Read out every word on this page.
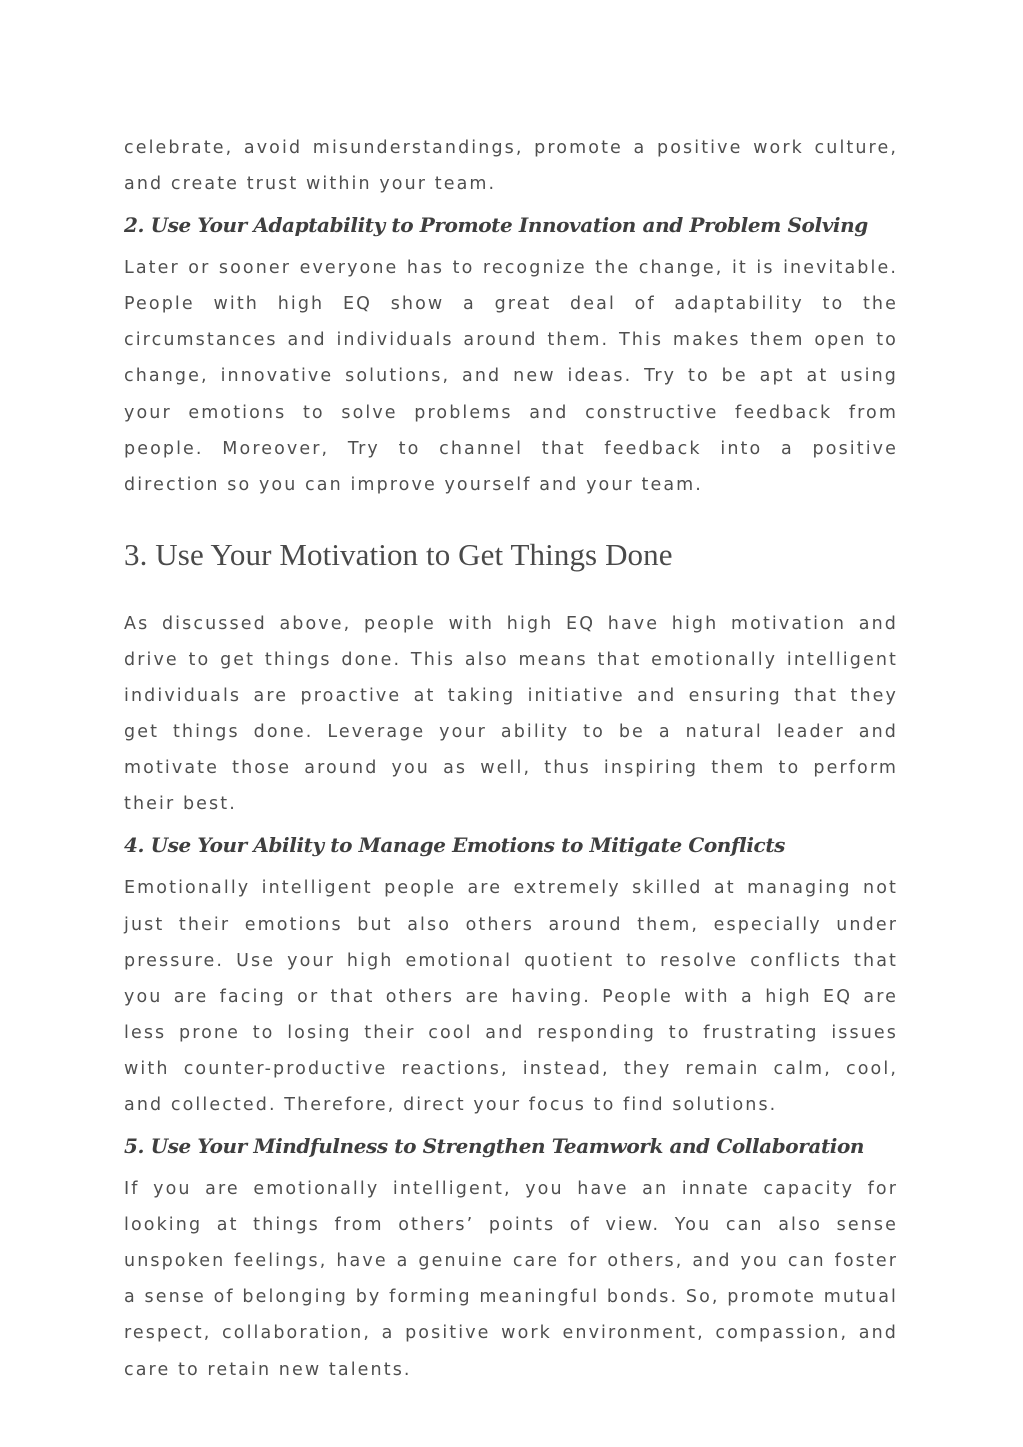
celebrate, avoid misunderstandings, promote a positive work culture, and create trust within your team.

2. Use Your Adaptability to Promote Innovation and Problem Solving

Later or sooner everyone has to recognize the change, it is inevitable. People with high EQ show a great deal of adaptability to the circumstances and individuals around them. This makes them open to change, innovative solutions, and new ideas. Try to be apt at using your emotions to solve problems and constructive feedback from people. Moreover, Try to channel that feedback into a positive direction so you can improve yourself and your team.

3. Use Your Motivation to Get Things Done

As discussed above, people with high EQ have high motivation and drive to get things done. This also means that emotionally intelligent individuals are proactive at taking initiative and ensuring that they get things done. Leverage your ability to be a natural leader and motivate those around you as well, thus inspiring them to perform their best.

4. Use Your Ability to Manage Emotions to Mitigate Conflicts

Emotionally intelligent people are extremely skilled at managing not just their emotions but also others around them, especially under pressure. Use your high emotional quotient to resolve conflicts that you are facing or that others are having. People with a high EQ are less prone to losing their cool and responding to frustrating issues with counter-productive reactions, instead, they remain calm, cool, and collected. Therefore, direct your focus to find solutions.

5. Use Your Mindfulness to Strengthen Teamwork and Collaboration

If you are emotionally intelligent, you have an innate capacity for looking at things from others’ points of view. You can also sense unspoken feelings, have a genuine care for others, and you can foster a sense of belonging by forming meaningful bonds. So, promote mutual respect, collaboration, a positive work environment, compassion, and care to retain new talents.
